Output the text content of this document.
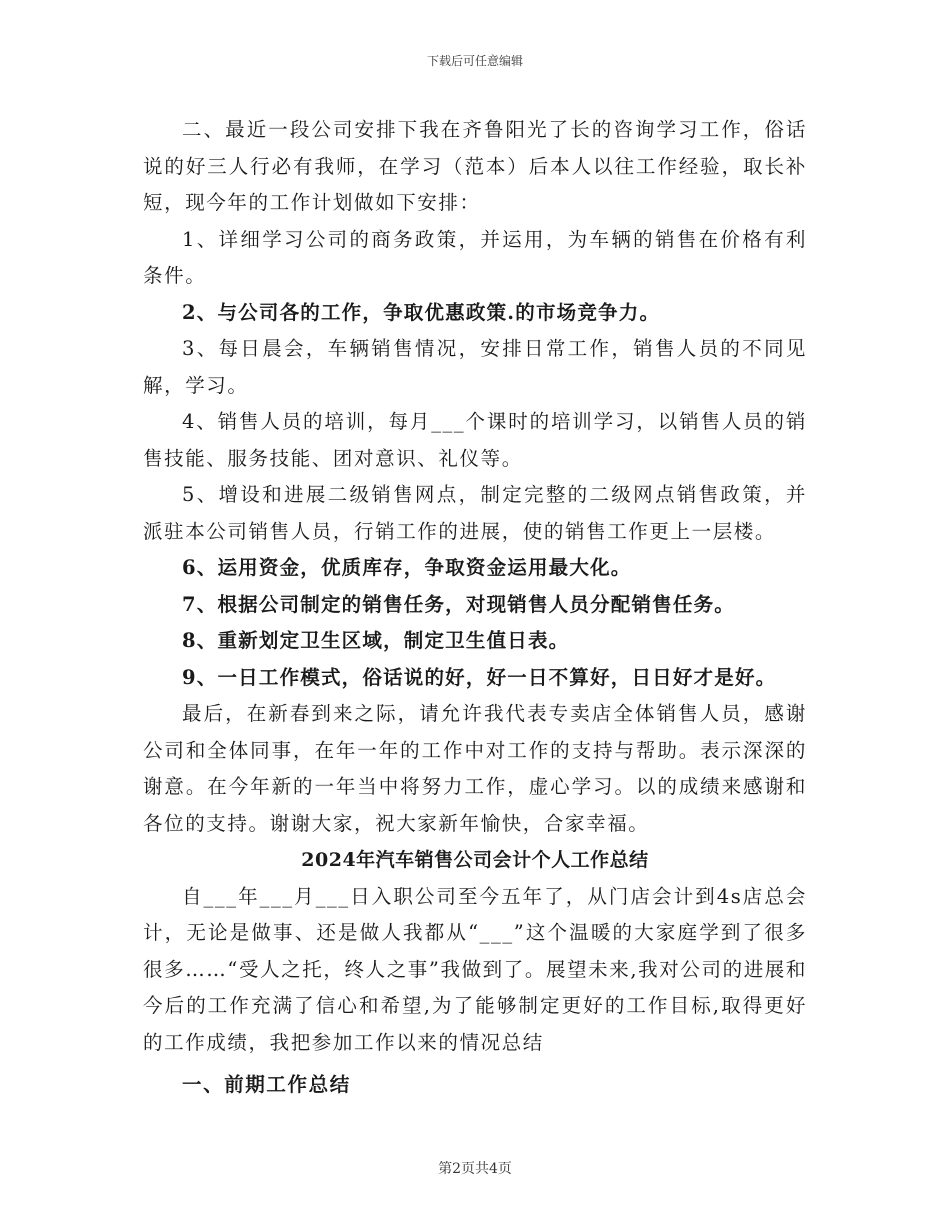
下载后可任意编辑

二、最近一段公司安排下我在齐鲁阳光了长的咨询学习工作，俗话说的好三人行必有我师，在学习（范本）后本人以往工作经验，取长补短，现今年的工作计划做如下安排：

1、详细学习公司的商务政策，并运用，为车辆的销售在价格有利条件。

2、与公司各的工作，争取优惠政策.的市场竞争力。

3、每日晨会，车辆销售情况，安排日常工作，销售人员的不同见解，学习。

4、销售人员的培训，每月___个课时的培训学习，以销售人员的销售技能、服务技能、团对意识、礼仪等。

5、增设和进展二级销售网点，制定完整的二级网点销售政策，并派驻本公司销售人员，行销工作的进展，使的销售工作更上一层楼。

6、运用资金，优质库存，争取资金运用最大化。

7、根据公司制定的销售任务，对现销售人员分配销售任务。

8、重新划定卫生区域，制定卫生值日表。

9、一日工作模式，俗话说的好，好一日不算好，日日好才是好。

最后，在新春到来之际，请允许我代表专卖店全体销售人员，感谢公司和全体同事，在年一年的工作中对工作的支持与帮助。表示深深的谢意。在今年新的一年当中将努力工作，虚心学习。以的成绩来感谢和各位的支持。谢谢大家，祝大家新年愉快，合家幸福。

2024年汽车销售公司会计个人工作总结

自___年___月___日入职公司至今五年了，从门店会计到4s店总会计，无论是做事、还是做人我都从“___”这个温暖的大家庭学到了很多很多……“受人之托，终人之事”我做到了。展望未来,我对公司的进展和今后的工作充满了信心和希望,为了能够制定更好的工作目标,取得更好的工作成绩，我把参加工作以来的情况总结

一、前期工作总结

第2页共4页
